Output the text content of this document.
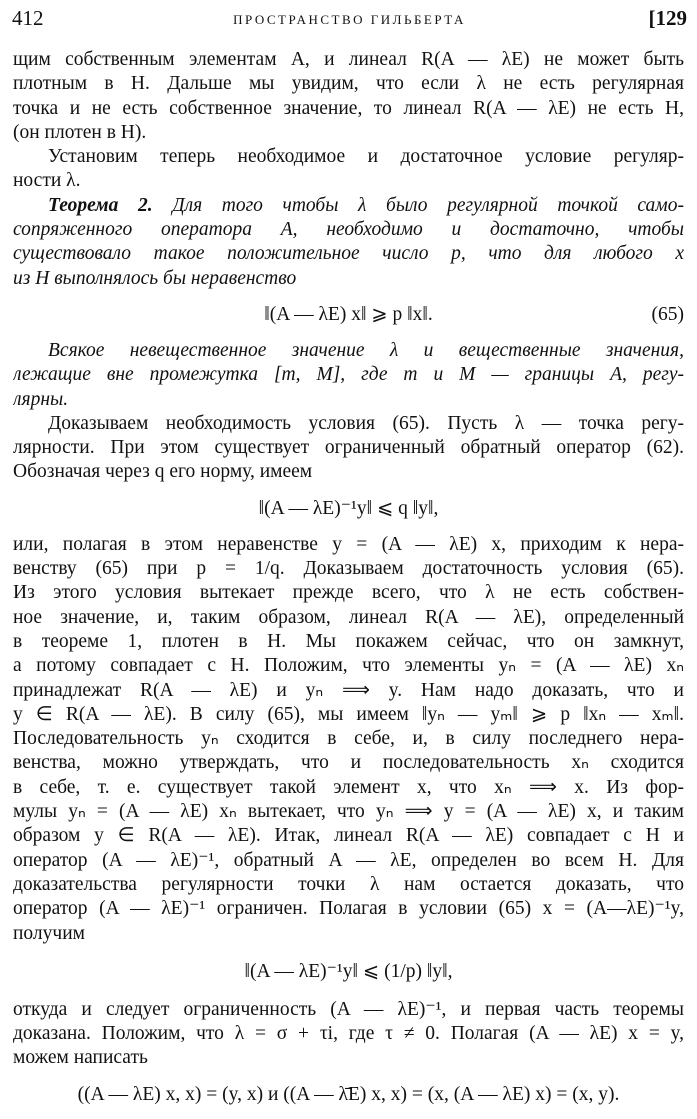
412	ПРОСТРАНСТВО ГИЛЬБЕРТА	[129
щим собственным элементам A, и линеал R(A — λE) не может быть
плотным в H. Дальше мы увидим, что если λ не есть регулярная
точка и не есть собственное значение, то линеал R(A — λE) не есть H,
(он плотен в H).
Установим теперь необходимое и достаточное условие регуляр-
ности λ.
Теорема 2. Для того чтобы λ было регулярной точкой само-
сопряженного оператора A, необходимо и достаточно, чтобы
существовало такое положительное число p, что для любого x
из H выполнялось бы неравенство
‖(A — λE) x‖ ⩾ p ‖x‖.	(65)
Всякое невещественное значение λ и вещественные значения,
лежащие вне промежутка [m, M], где m и M — границы A, регу-
лярны.
Доказываем необходимость условия (65). Пусть λ — точка регу-
лярности. При этом существует ограниченный обратный оператор (62).
Обозначая через q его норму, имеем
‖(A — λE)⁻¹y‖ ⩽ q ‖y‖,
или, полагая в этом неравенстве y = (A — λE) x, приходим к нера-
венству (65) при p = 1/q. Доказываем достаточность условия (65).
Из этого условия вытекает прежде всего, что λ не есть собствен-
ное значение, и, таким образом, линеал R(A — λE), определенный
в теореме 1, плотен в H. Мы покажем сейчас, что он замкнут,
а потому совпадает с H. Положим, что элементы yₙ = (A — λE) xₙ
принадлежат R(A — λE) и yₙ ⟹ y. Нам надо доказать, что и
y ∈ R(A — λE). В силу (65), мы имеем ‖yₙ — yₘ‖ ⩾ p ‖xₙ — xₘ‖.
Последовательность yₙ сходится в себе, и, в силу последнего нера-
венства, можно утверждать, что и последовательность xₙ сходится
в себе, т. е. существует такой элемент x, что xₙ ⟹ x. Из фор-
мулы yₙ = (A — λE) xₙ вытекает, что yₙ ⟹ y = (A — λE) x, и таким
образом y ∈ R(A — λE). Итак, линеал R(A — λE) совпадает с H и
оператор (A — λE)⁻¹, обратный A — λE, определен во всем H. Для
доказательства регулярности точки λ нам остается доказать, что
оператор (A — λE)⁻¹ ограничен. Полагая в условии (65) x = (A—λE)⁻¹y,
получим
‖(A — λE)⁻¹y‖ ⩽ (1/p) ‖y‖,
откуда и следует ограниченность (A — λE)⁻¹, и первая часть теоремы
доказана. Положим, что λ = σ + τi, где τ ≠ 0. Полагая (A — λE) x = y,
можем написать
((A — λE) x, x) = (y, x) и ((A — λ̄E) x, x) = (x, (A — λE) x) = (x, y).
